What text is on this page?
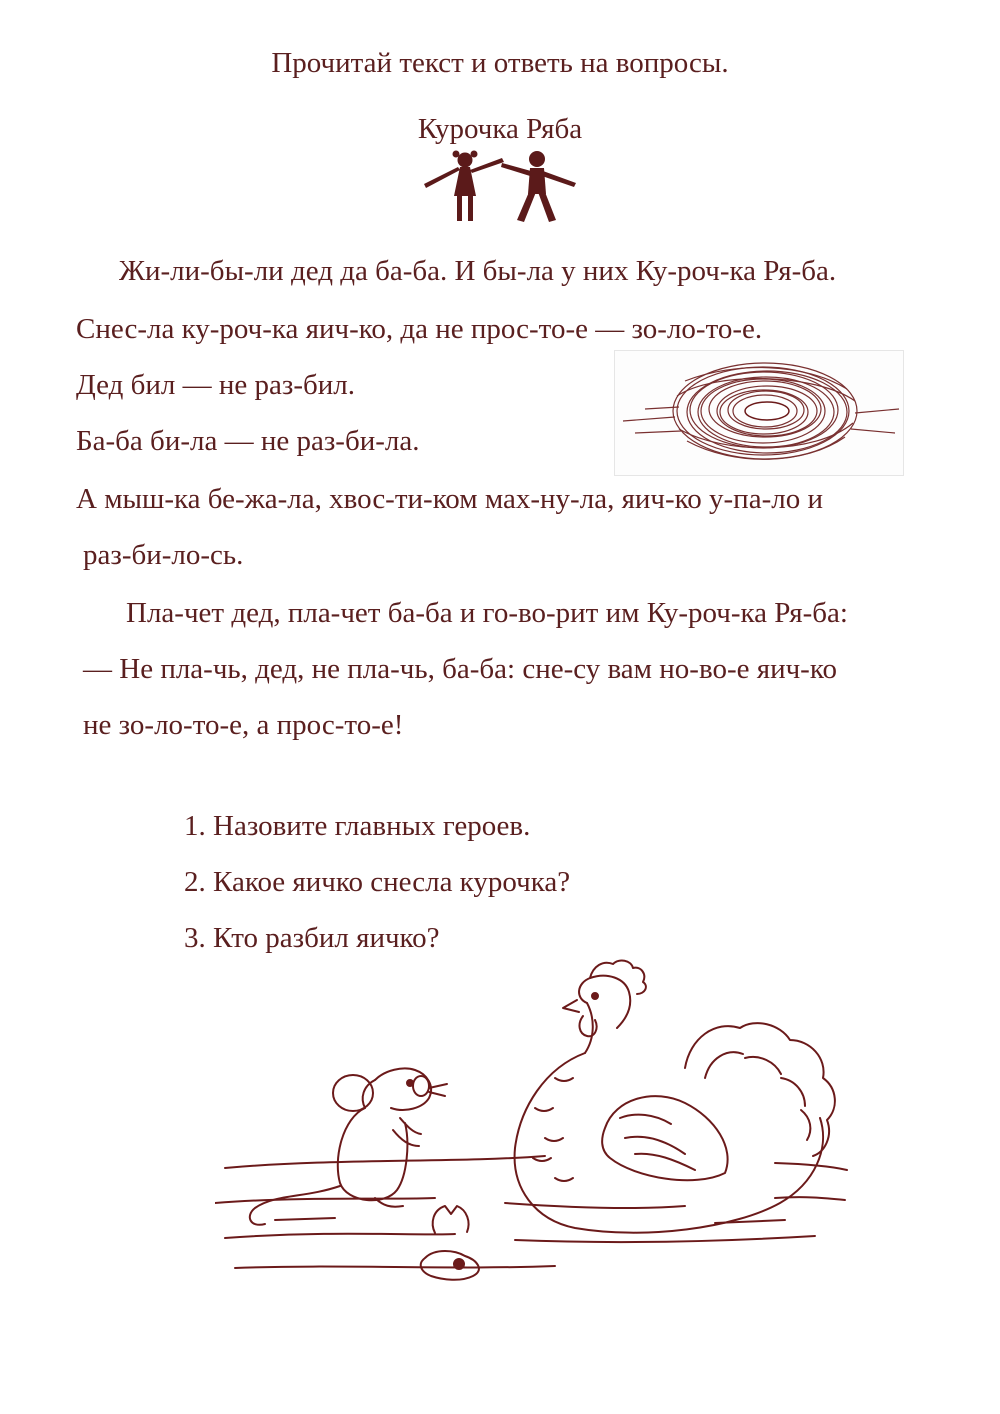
Прочитай текст и ответь на вопросы.
Курочка Ряба
Жи-ли-бы-ли дед да ба-ба. И бы-ла у них Ку-роч-ка Ря-ба.
Снес-ла ку-роч-ка яич-ко, да не прос-то-е — зо-ло-то-е.
Дед бил — не раз-бил.
Ба-ба би-ла — не раз-би-ла.
А мыш-ка бе-жа-ла, хвос-ти-ком мах-ну-ла, яич-ко у-па-ло и
раз-би-ло-сь.
Пла-чет дед, пла-чет ба-ба и го-во-рит им Ку-роч-ка Ря-ба:
— Не пла-чь, дед, не пла-чь, ба-ба: сне-су вам но-во-е яич-ко
не зо-ло-то-е, а прос-то-е!
1. Назовите главных героев.
2. Какое яичко снесла курочка?
3. Кто разбил яичко?
